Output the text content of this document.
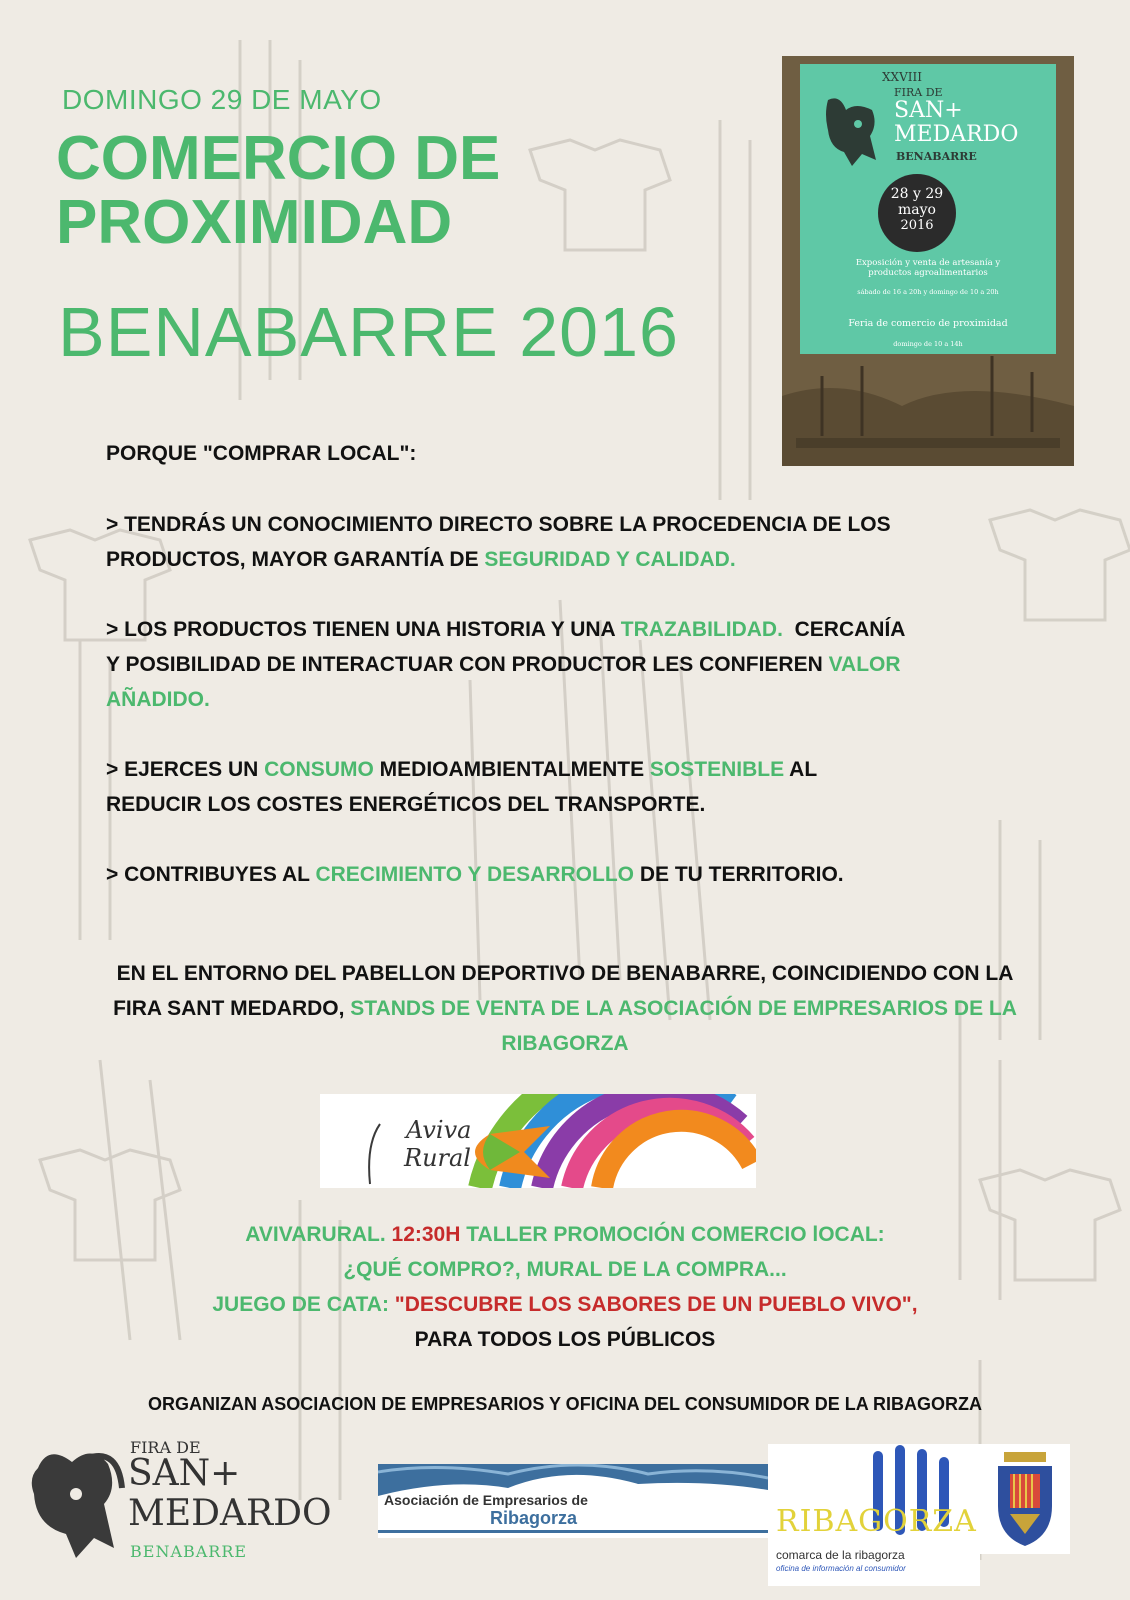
DOMINGO 29 DE MAYO
COMERCIO DE
PROXIMIDAD
BENABARRE 2016
XXVIII
FIRA DE
SAN+
MEDARDO
BENABARRE
28 y 29
mayo
2016
Exposición y venta de artesanía y
productos agroalimentarios
sábado de 16 a 20h y domingo de 10 a 20h
Feria de comercio de proximidad
domingo de 10 a 14h
PORQUE "COMPRAR LOCAL":
> TENDRÁS UN CONOCIMIENTO DIRECTO SOBRE LA PROCEDENCIA DE LOS
PRODUCTOS, MAYOR GARANTÍA DE SEGURIDAD Y CALIDAD.
> LOS PRODUCTOS TIENEN UNA HISTORIA Y UNA TRAZABILIDAD.  CERCANÍA
Y POSIBILIDAD DE INTERACTUAR CON PRODUCTOR LES CONFIEREN VALOR
AÑADIDO.
> EJERCES UN CONSUMO MEDIOAMBIENTALMENTE SOSTENIBLE AL
REDUCIR LOS COSTES ENERGÉTICOS DEL TRANSPORTE.
> CONTRIBUYES AL CRECIMIENTO Y DESARROLLO DE TU TERRITORIO.
EN EL ENTORNO DEL PABELLON DEPORTIVO DE BENABARRE, COINCIDIENDO CON LA
FIRA SANT MEDARDO, STANDS DE VENTA DE LA ASOCIACIÓN DE EMPRESARIOS DE LA
RIBAGORZA
Aviva
Rural
AVIVARURAL. 12:30H TALLER PROMOCIÓN COMERCIO lOCAL:
¿QUÉ COMPRO?, MURAL DE LA COMPRA...
JUEGO DE CATA: "DESCUBRE LOS SABORES DE UN PUEBLO VIVO",
PARA TODOS LOS PÚBLICOS
ORGANIZAN ASOCIACION DE EMPRESARIOS Y OFICINA DEL CONSUMIDOR DE LA RIBAGORZA
FIRA DE
SAN+
MEDARDO
BENABARRE
Asociación de Empresarios de
Ribagorza	RIBAGORZA
comarca de la ribagorza
oficina de información al consumidor
